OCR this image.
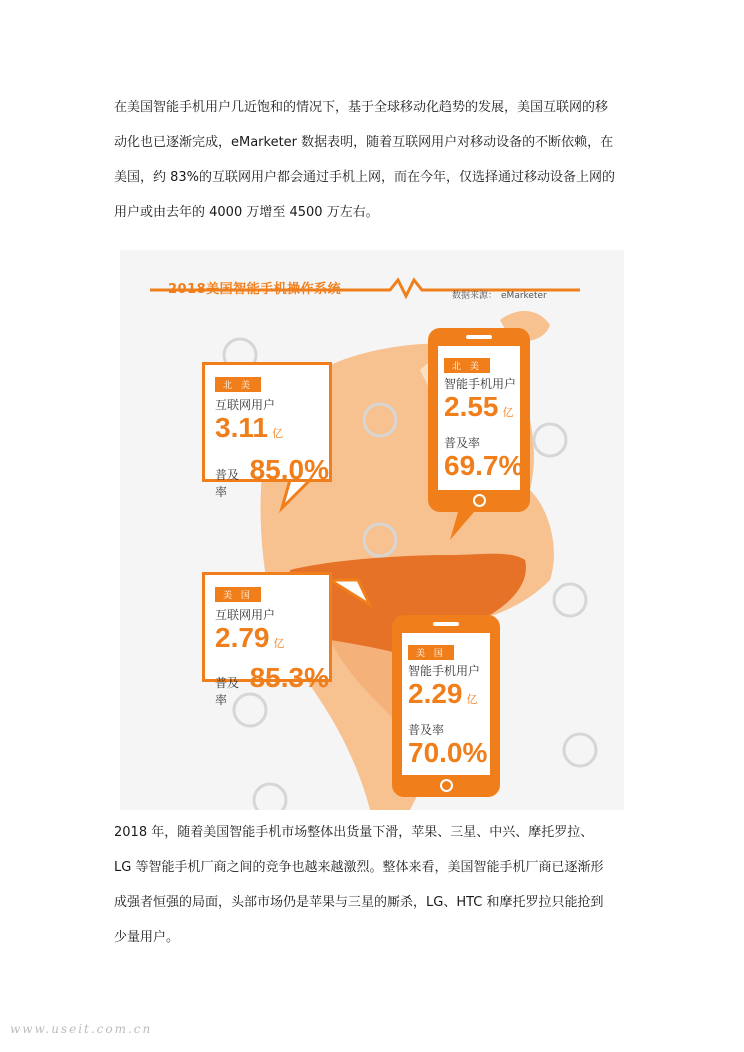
在美国智能手机用户几近饱和的情况下，基于全球移动化趋势的发展，美国互联网的移
动化也已逐渐完成，eMarketer 数据表明，随着互联网用户对移动设备的不断依赖，在
美国，约 83%的互联网用户都会通过手机上网，而在今年，仅选择通过移动设备上网的
用户或由去年的 4000 万增至 4500 万左右。
2018美国智能手机操作系统	数据来源： eMarketer
北 美
互联网用户
3.11 亿
普及率
85.0%
北 美
智能手机用户
2.55 亿
普及率
69.7%
美 国
互联网用户
2.79 亿
普及率
85.3%
美 国
智能手机用户
2.29 亿
普及率
70.0%
2018 年，随着美国智能手机市场整体出货量下滑，苹果、三星、中兴、摩托罗拉、
LG 等智能手机厂商之间的竞争也越来越激烈。整体来看，美国智能手机厂商已逐渐形
成强者恒强的局面，头部市场仍是苹果与三星的厮杀，LG、HTC 和摩托罗拉只能抢到
少量用户。
www.useit.com.cn
